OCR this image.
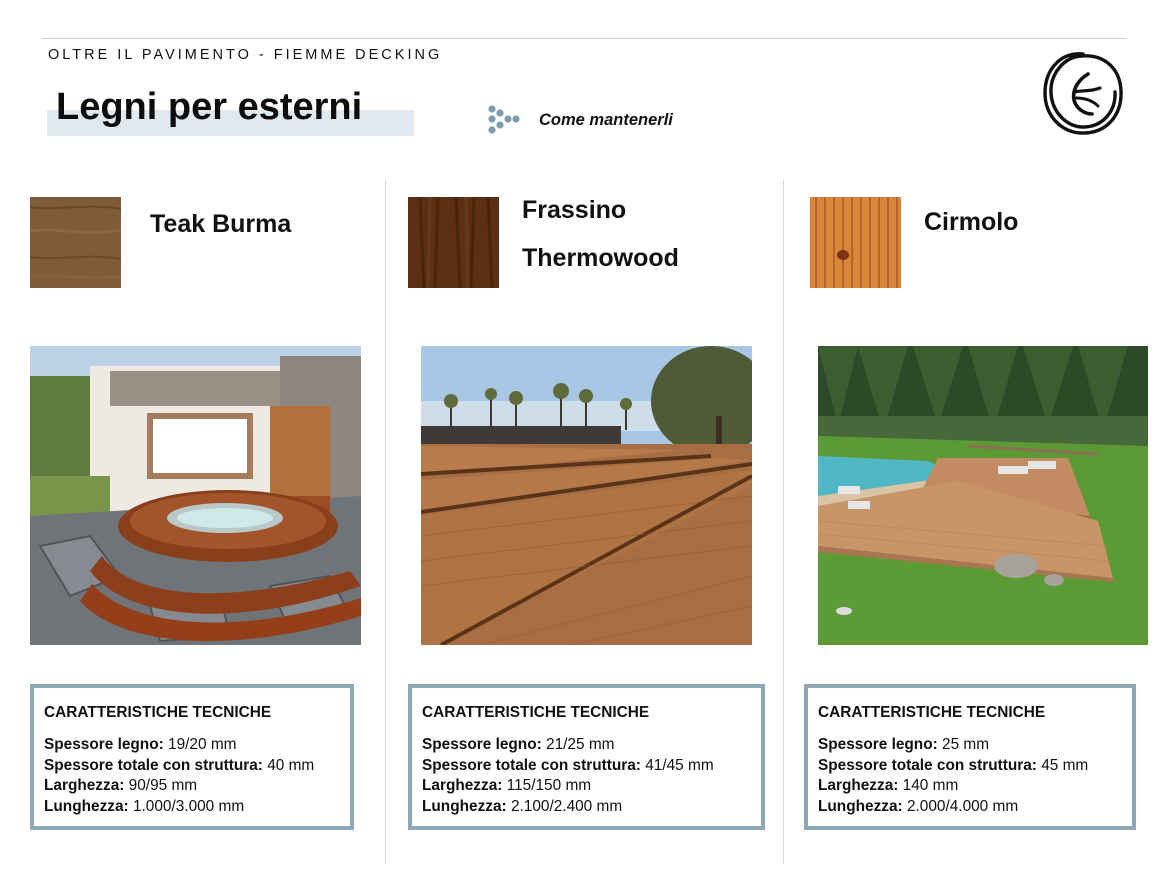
OLTRE IL PAVIMENTO - FIEMME DECKING
Legni per esterni	Come mantenerli
Teak Burma
CARATTERISTICHE TECNICHE
Spessore legno: 19/20 mm
Spessore totale con struttura: 40 mm
Larghezza: 90/95 mm
Lunghezza: 1.000/3.000 mm
Frassino
Thermowood
CARATTERISTICHE TECNICHE
Spessore legno: 21/25 mm
Spessore totale con struttura: 41/45 mm
Larghezza: 115/150 mm
Lunghezza: 2.100/2.400 mm
Cirmolo
CARATTERISTICHE TECNICHE
Spessore legno: 25 mm
Spessore totale con struttura: 45 mm
Larghezza: 140 mm
Lunghezza: 2.000/4.000 mm
